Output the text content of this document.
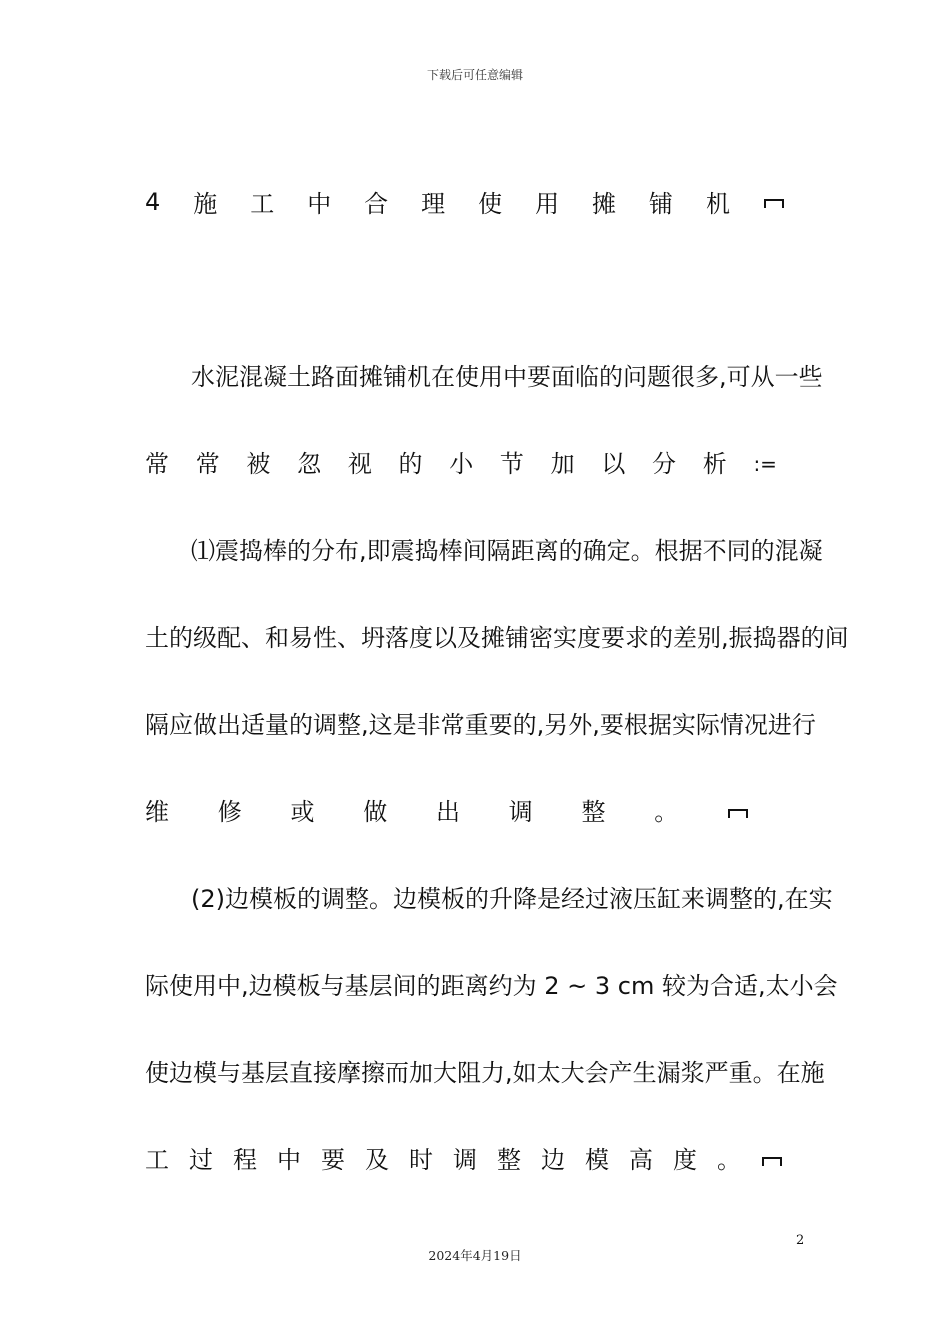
下载后可任意编辑
4 施 工 中 合 理 使 用 摊 铺 机
水泥混凝土路面摊铺机在使用中要面临的问题很多,可从一些
常 常 被 忽 视 的 小 节 加 以 分 析 :=
⑴震捣棒的分布,即震捣棒间隔距离的确定。根据不同的混凝
土的级配、和易性、坍落度以及摊铺密实度要求的差别,振捣器的间
隔应做出适量的调整,这是非常重要的,另外,要根据实际情况进行
维 修 或 做 出 调 整 。
(2)边模板的调整。边模板的升降是经过液压缸来调整的,在实
际使用中,边模板与基层间的距离约为 2 ~ 3 cm 较为合适,太小会
使边模与基层直接摩擦而加大阻力,如太大会产生漏浆严重。在施
工 过 程 中 要 及 时 调 整 边 模 高 度 。
2
2024年4月19日
